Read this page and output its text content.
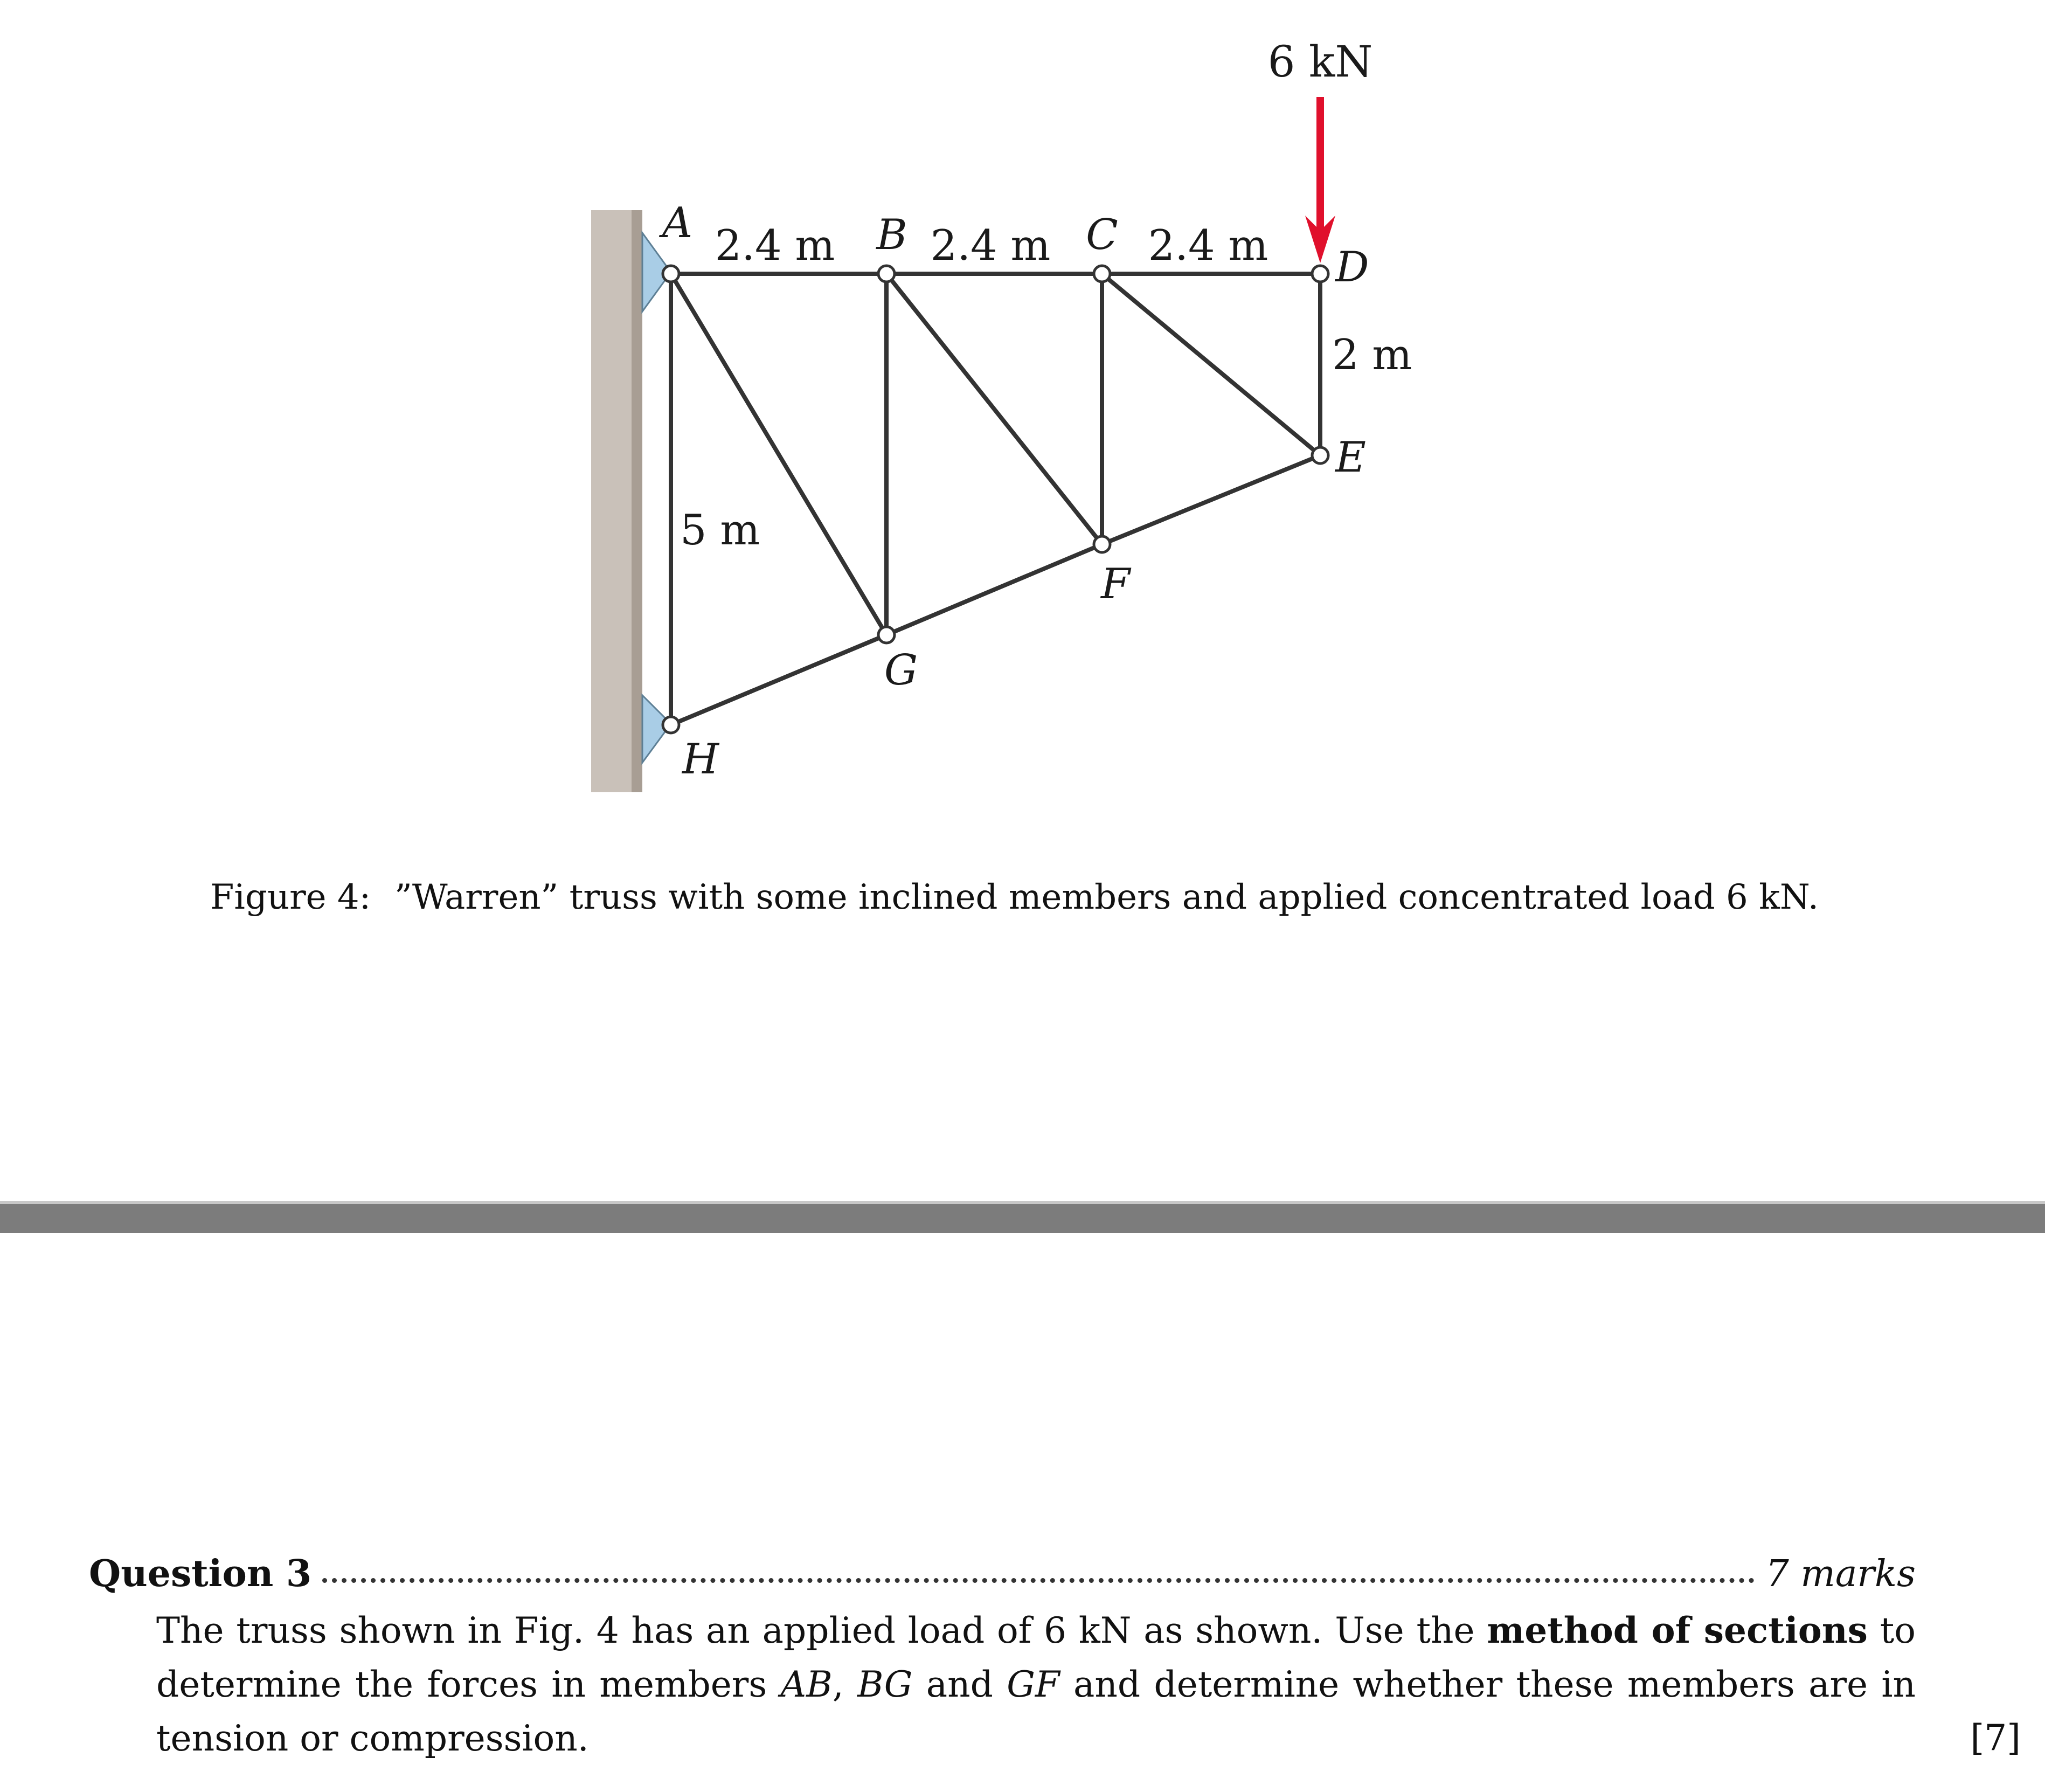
6 kN
A	B	C
D
E
F
G
H
2.4 m 2.4 m 2.4 m
2 m
5 m
Figure 4: ”Warren” truss with some inclined members and applied concentrated load 6 kN.
Question 3	7 marks
The truss shown in Fig. 4 has an applied load of 6 kN as shown. Use the method of sections to determine the forces in members AB, BG and GF and determine whether these members are in tension or compression.	[7]
